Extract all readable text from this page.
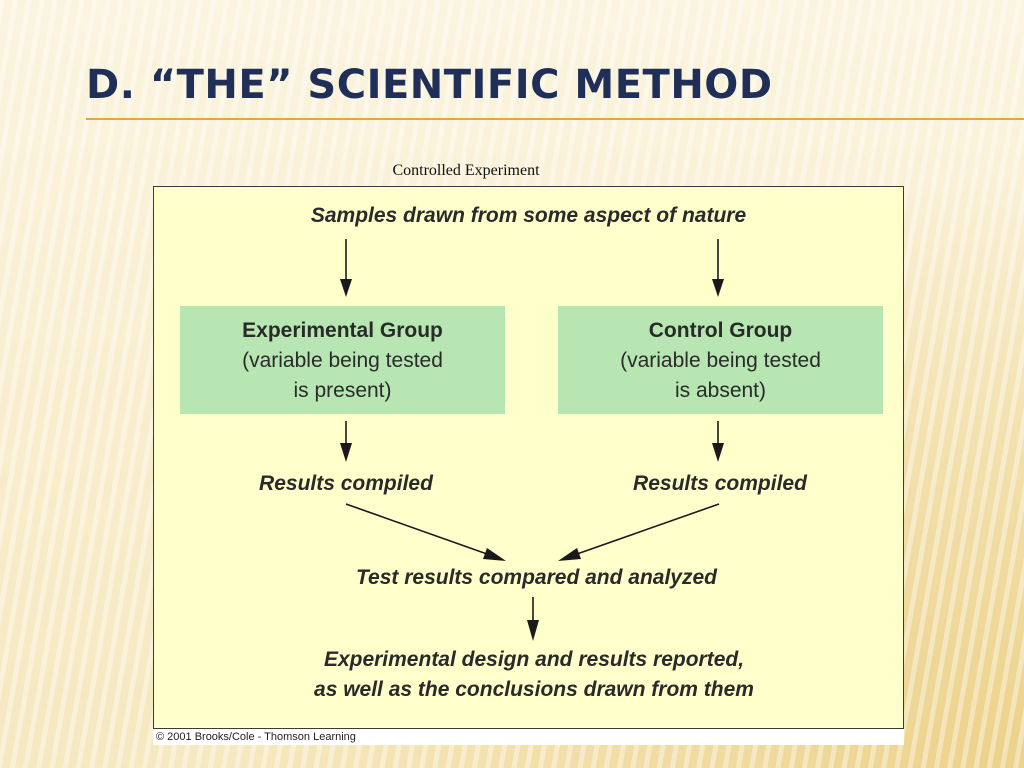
D. “THE” SCIENTIFIC METHOD
Controlled Experiment
Samples drawn from some aspect of nature
Experimental Group
(variable being tested
is present)
Control Group
(variable being tested
is absent)
Results compiled	Results compiled
Test results compared and analyzed
Experimental design and results reported,
as well as the conclusions drawn from them
© 2001 Brooks/Cole - Thomson Learning
